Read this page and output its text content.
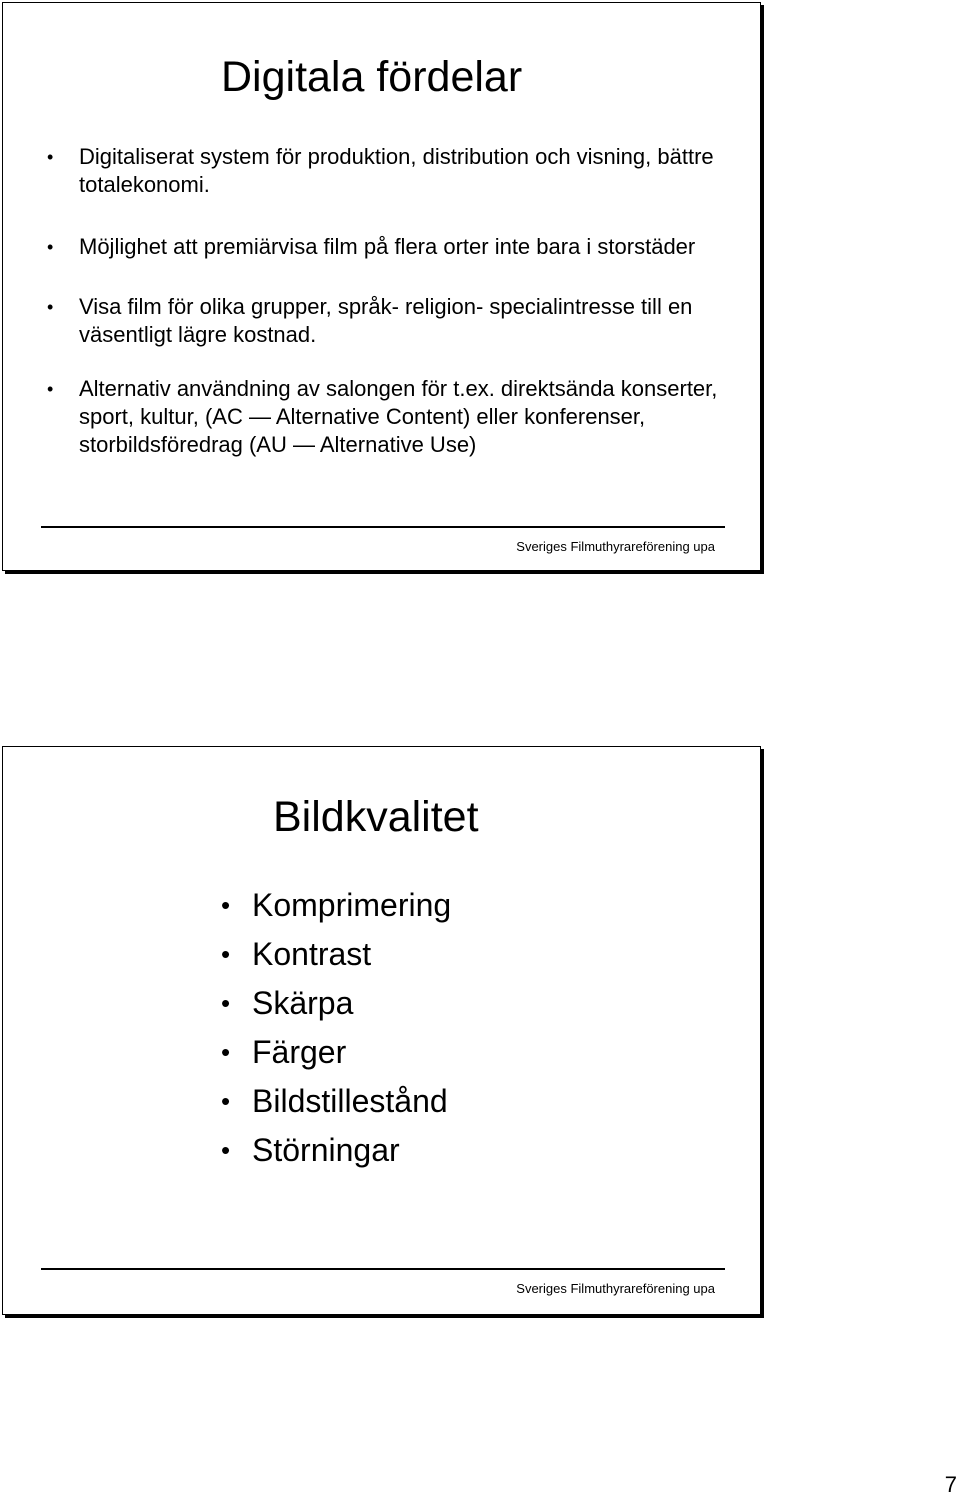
Digitala fördelar
• Digitaliserat system för produktion, distribution och visning, bättre totalekonomi.
• Möjlighet att premiärvisa film på flera orter inte bara i storstäder
• Visa film för olika grupper, språk- religion- specialintresse till en väsentligt lägre kostnad.
• Alternativ användning av salongen för t.ex. direktsända konserter, sport, kultur, (AC — Alternative Content) eller konferenser, storbildsföredrag (AU — Alternative Use)
Sveriges Filmuthyrareförening upa
Bildkvalitet
• Komprimering
• Kontrast
• Skärpa
• Färger
• Bildstillestånd
• Störningar
Sveriges Filmuthyrareförening upa
7
